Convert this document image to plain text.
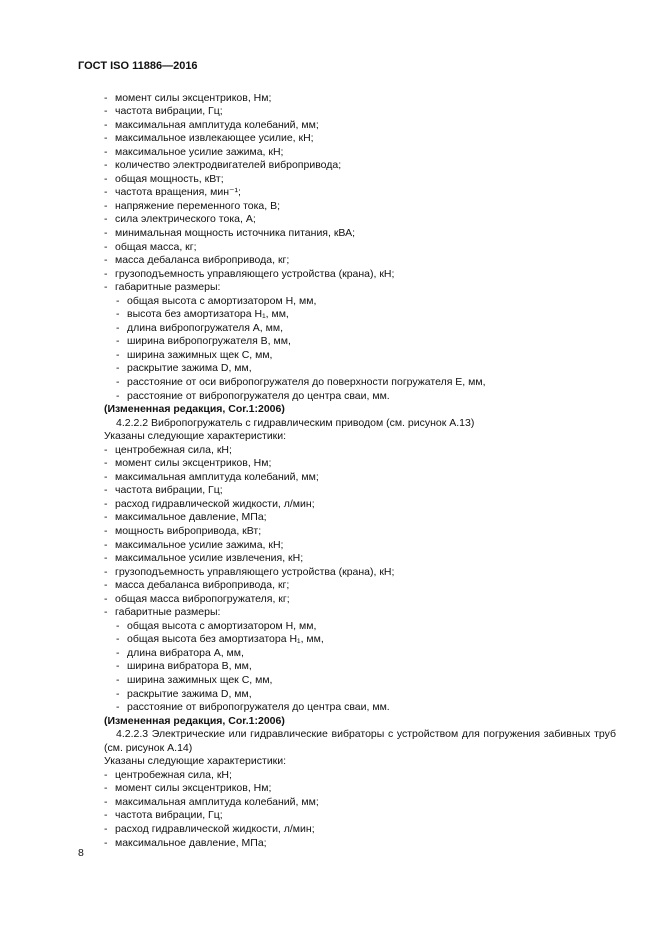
ГОСТ ISO 11886—2016
- момент силы эксцентриков, Нм;
- частота вибрации, Гц;
- максимальная амплитуда колебаний, мм;
- максимальное извлекающее усилие, кН;
- максимальное усилие зажима, кН;
- количество электродвигателей вибропривода;
- общая мощность, кВт;
- частота вращения, мин⁻¹;
- напряжение переменного тока, В;
- сила электрического тока, А;
- минимальная мощность источника питания, кВА;
- общая масса, кг;
- масса дебаланса вибропривода, кг;
- грузоподъемность управляющего устройства (крана), кН;
- габаритные размеры:
- общая высота с амортизатором H, мм,
- высота без амортизатора H₁, мм,
- длина вибропогружателя A, мм,
- ширина вибропогружателя B, мм,
- ширина зажимных щек C, мм,
- раскрытие зажима D, мм,
- расстояние от оси вибропогружателя до поверхности погружателя E, мм,
- расстояние от вибропогружателя до центра сваи, мм.
(Измененная редакция, Cor.1:2006)
4.2.2.2 Вибропогружатель с гидравлическим приводом (см. рисунок А.13)
Указаны следующие характеристики:
- центробежная сила, кН;
- момент силы эксцентриков, Нм;
- максимальная амплитуда колебаний, мм;
- частота вибрации, Гц;
- расход гидравлической жидкости, л/мин;
- максимальное давление, МПа;
- мощность вибропривода, кВт;
- максимальное усилие зажима, кН;
- максимальное усилие извлечения, кН;
- грузоподъемность управляющего устройства (крана), кН;
- масса дебаланса вибропривода, кг;
- общая масса вибропогружателя, кг;
- габаритные размеры:
- общая высота с амортизатором H, мм,
- общая высота без амортизатора H₁, мм,
- длина вибратора A, мм,
- ширина вибратора B, мм,
- ширина зажимных щек C, мм,
- раскрытие зажима D, мм,
- расстояние от вибропогружателя до центра сваи, мм.
(Измененная редакция, Cor.1:2006)
4.2.2.3 Электрические или гидравлические вибраторы с устройством для погружения забивных труб (см. рисунок А.14)
Указаны следующие характеристики:
- центробежная сила, кН;
- момент силы эксцентриков, Нм;
- максимальная амплитуда колебаний, мм;
- частота вибрации, Гц;
- расход гидравлической жидкости, л/мин;
- максимальное давление, МПа;
8
